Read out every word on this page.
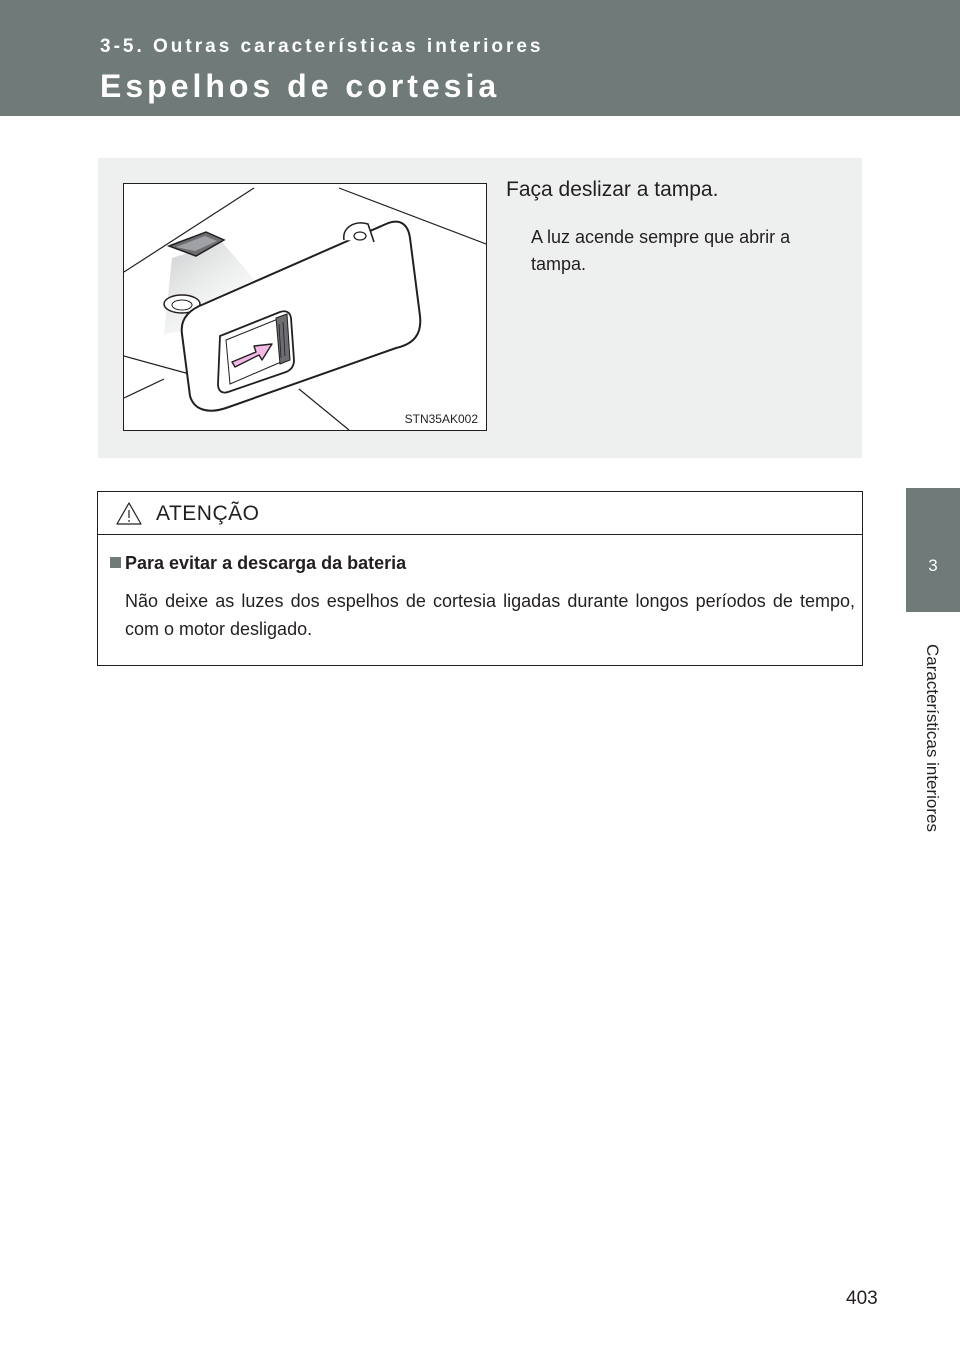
3-5. Outras características interiores
Espelhos de cortesia
3
Características interiores
STN35AK002
Faça deslizar a tampa.
A luz acende sempre que abrir a tampa.
ATENÇÃO
Para evitar a descarga da bateria
Não deixe as luzes dos espelhos de cortesia ligadas durante longos períodos de tempo, com o motor desligado.
403
